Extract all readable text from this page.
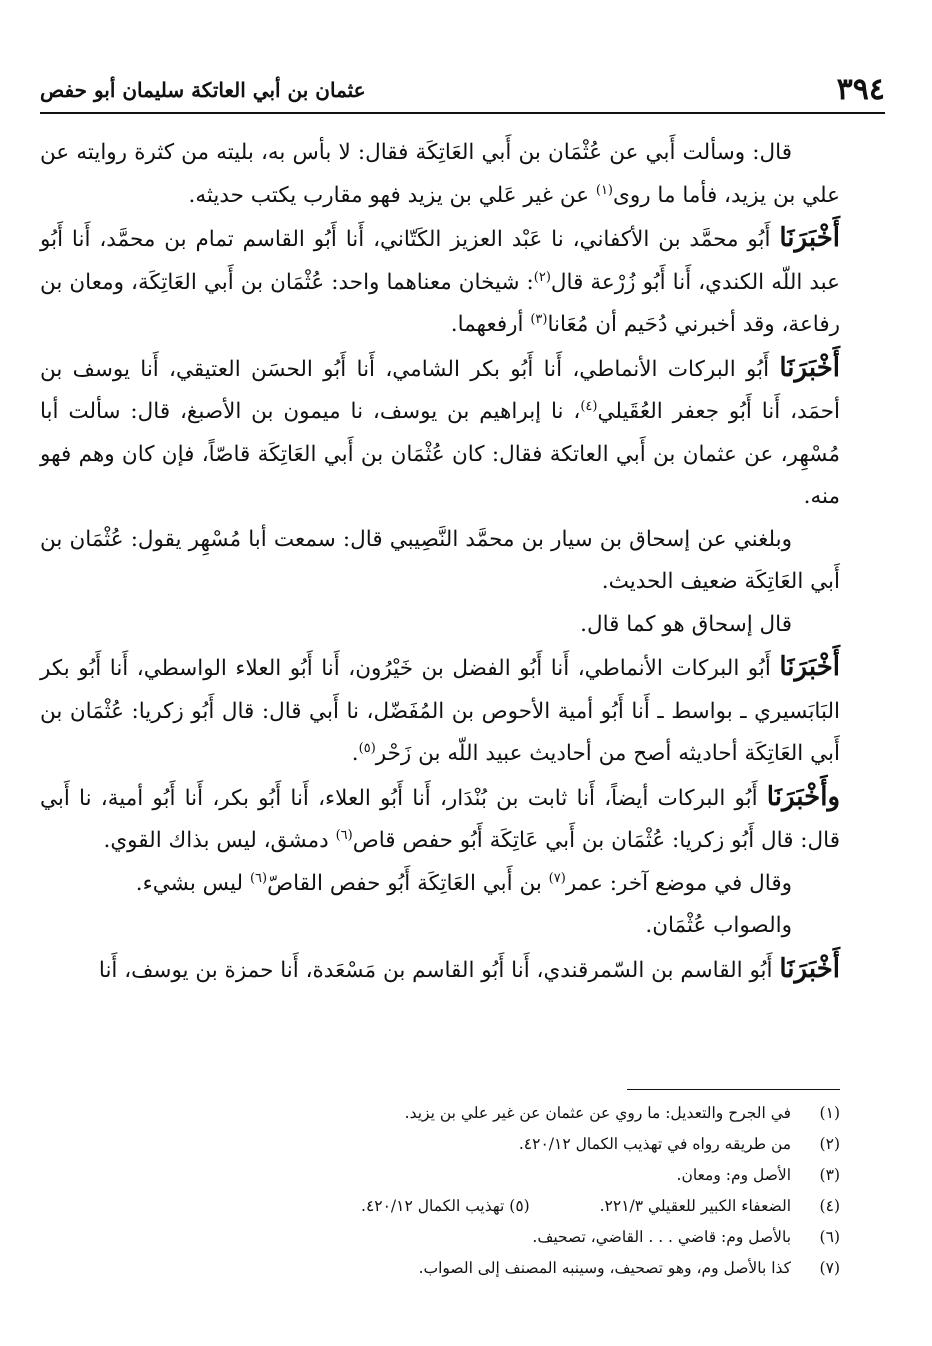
٣٩٤
عثمان بن أبي العاتكة سليمان أبو حفص

قال: وسألت أَبي عن عُثْمَان بن أَبي العَاتِكَة فقال: لا بأس به، بليته من كثرة روايته عن علي بن يزيد، فأما ما روى$^{(١)}$ عن غير عَلي بن يزيد فهو مقارب يكتب حديثه.

أَخْبَرَنَا أَبُو محمَّد بن الأكفاني، نا عَبْد العزيز الكَتّاني، أَنا أَبُو القاسم تمام بن محمَّد، أَنا أَبُو عبد اللّه الكندي، أَنا أَبُو زُرْعة قال$^{(٢)}$: شيخان معناهما واحد: عُثْمَان بن أَبي العَاتِكَة، ومعان بن رفاعة، وقد أخبرني دُحَيم أن مُعَانا$^{(٣)}$ أرفعهما.

أَخْبَرَنَا أَبُو البركات الأنماطي، أَنا أَبُو بكر الشامي، أَنا أَبُو الحسَن العتيقي، أَنا يوسف بن أحمَد، أَنا أَبُو جعفر العُقَيلي$^{(٤)}$، نا إبراهيم بن يوسف، نا ميمون بن الأصبغ، قال: سألت أبا مُسْهِر، عن عثمان بن أَبي العاتكة فقال: كان عُثْمَان بن أَبي العَاتِكَة قاصّاً، فإن كان وهم فهو منه.

وبلغني عن إسحاق بن سيار بن محمَّد النَّصِيبي قال: سمعت أبا مُسْهِر يقول: عُثْمَان بن أَبي العَاتِكَة ضعيف الحديث.

قال إسحاق هو كما قال.

أَخْبَرَنَا أَبُو البركات الأنماطي، أَنا أَبُو الفضل بن خَيْرُون، أَنا أَبُو العلاء الواسطي، أَنا أَبُو بكر البَابَسيري ـ بواسط ـ أَنا أَبُو أمية الأحوص بن المُفَضّل، نا أَبي قال: قال أَبُو زكريا: عُثْمَان بن أَبي العَاتِكَة أحاديثه أصح من أحاديث عبيد اللّه بن زَحْر$^{(٥)}$.

وأَخْبَرَنَا أَبُو البركات أيضاً، أَنا ثابت بن بُنْدَار، أَنا أَبُو العلاء، أَنا أَبُو بكر، أَنا أَبُو أمية، نا أَبي قال: قال أَبُو زكريا: عُثْمَان بن أَبي عَاتِكَة أَبُو حفص قاص$^{(٦)}$ دمشق، ليس بذاك القوي.

وقال في موضع آخر: عمر$^{(٧)}$ بن أَبي العَاتِكَة أَبُو حفص القاصّ$^{(٦)}$ ليس بشيء.

والصواب عُثْمَان.

أَخْبَرَنَا أَبُو القاسم بن السّمرقندي، أَنا أَبُو القاسم بن مَسْعَدة، أَنا حمزة بن يوسف، أَنا

(١) في الجرح والتعديل: ما روي عن عثمان عن غير علي بن يزيد.
(٢) من طريقه رواه في تهذيب الكمال ٤٢٠/١٢.
(٣) الأصل وم: ومعان.
(٤) الضعفاء الكبير للعقيلي ٢٢١/٣.  (٥) تهذيب الكمال ٤٢٠/١٢.
(٦) بالأصل وم: قاضي . . . القاضي، تصحيف.
(٧) كذا بالأصل وم، وهو تصحيف، وسينبه المصنف إلى الصواب.
